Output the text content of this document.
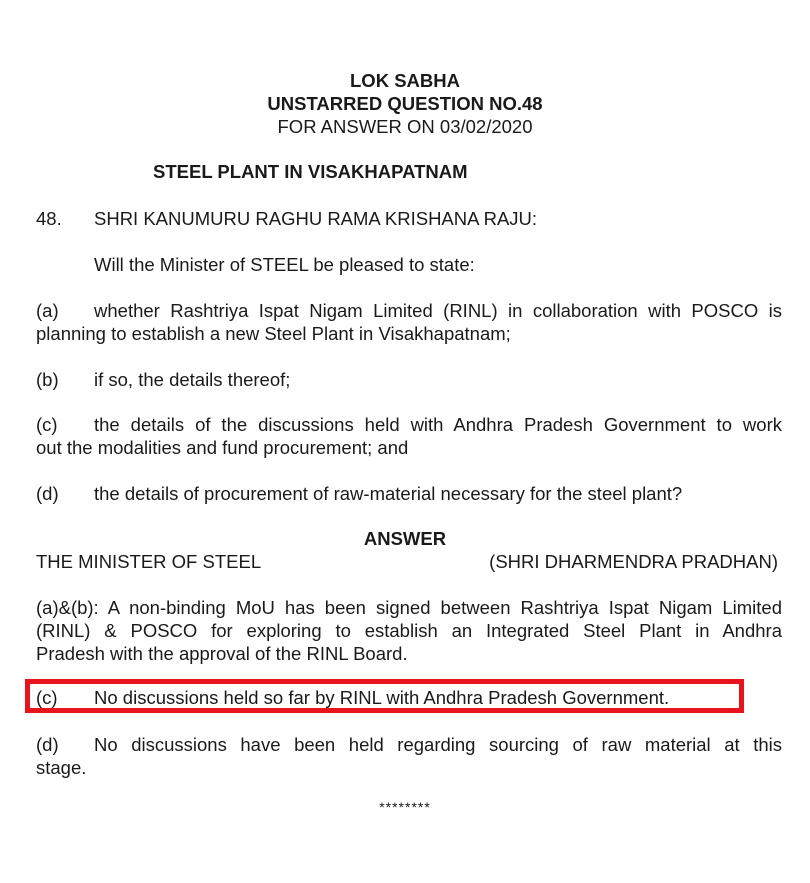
LOK SABHA
UNSTARRED QUESTION NO.48
FOR ANSWER ON 03/02/2020
STEEL PLANT IN VISAKHAPATNAM
48. SHRI KANUMURU RAGHU RAMA KRISHANA RAJU:
Will the Minister of STEEL be pleased to state:
(a) whether Rashtriya Ispat Nigam Limited (RINL) in collaboration with POSCO is
planning to establish a new Steel Plant in Visakhapatnam;
(b) if so, the details thereof;
(c) the details of the discussions held with Andhra Pradesh Government to work
out the modalities and fund procurement; and
(d) the details of procurement of raw-material necessary for the steel plant?
ANSWER
THE MINISTER OF STEEL	(SHRI DHARMENDRA PRADHAN)
(a)&(b): A non-binding MoU has been signed between Rashtriya Ispat Nigam Limited
(RINL) & POSCO for exploring to establish an Integrated Steel Plant in Andhra
Pradesh with the approval of the RINL Board.
(c) No discussions held so far by RINL with Andhra Pradesh Government.
(d) No discussions have been held regarding sourcing of raw material at this
stage.
********
